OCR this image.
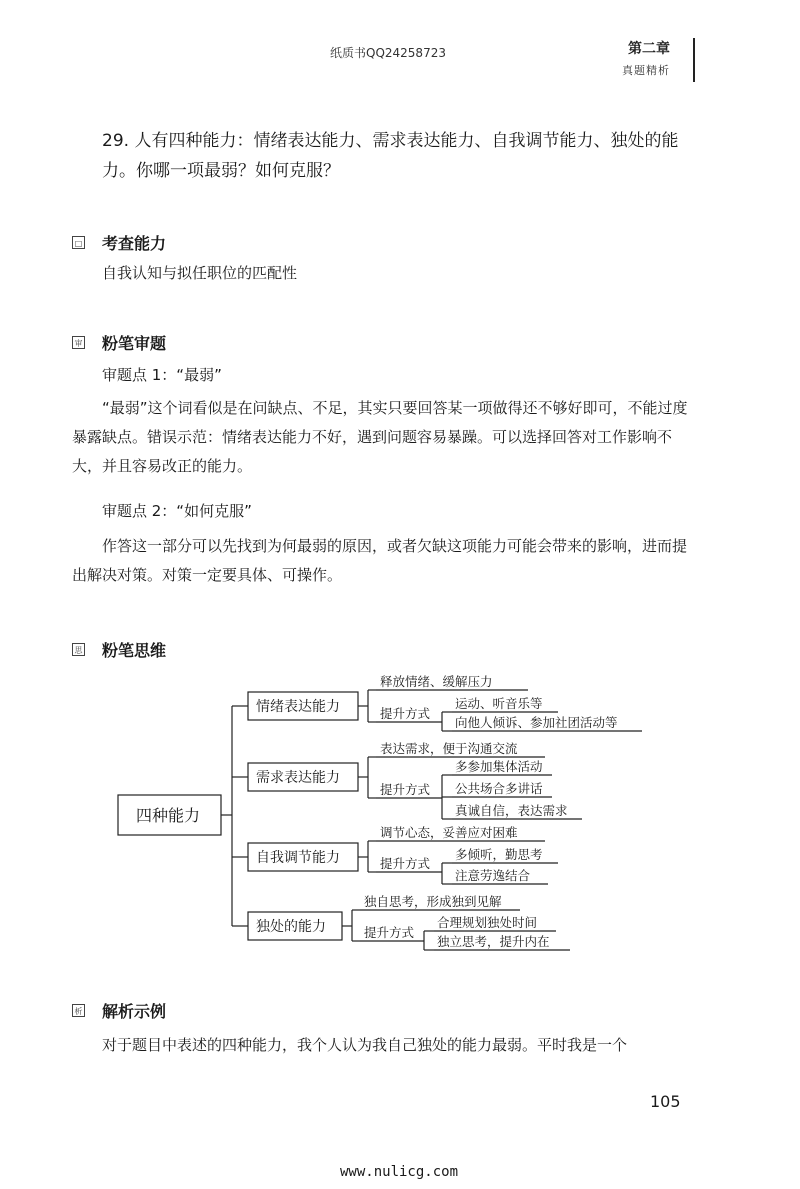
纸质书QQ24258723	第二章
真题精析
29. 人有四种能力：情绪表达能力、需求表达能力、自我调节能力、独处的能力。你哪一项最弱？如何克服？
□ 考查能力
自我认知与拟任职位的匹配性
审 粉笔审题
审题点 1：“最弱”
“最弱”这个词看似是在问缺点、不足，其实只要回答某一项做得还不够好即可，不能过度暴露缺点。错误示范：情绪表达能力不好，遇到问题容易暴躁。可以选择回答对工作影响不大，并且容易改正的能力。
审题点 2：“如何克服”
作答这一部分可以先找到为何最弱的原因，或者欠缺这项能力可能会带来的影响，进而提出解决对策。对策一定要具体、可操作。
思 粉笔思维
四种能力
情绪表达能力
需求表达能力
自我调节能力
独处的能力
释放情绪、缓解压力
提升方式
运动、听音乐等
向他人倾诉、参加社团活动等
表达需求，便于沟通交流
提升方式
多参加集体活动
公共场合多讲话
真诚自信，表达需求
调节心态，妥善应对困难
提升方式
多倾听，勤思考
注意劳逸结合
独自思考，形成独到见解
提升方式
合理规划独处时间
独立思考，提升内在
析 解析示例
对于题目中表述的四种能力，我个人认为我自己独处的能力最弱。平时我是一个
105
www.nulicg.com
